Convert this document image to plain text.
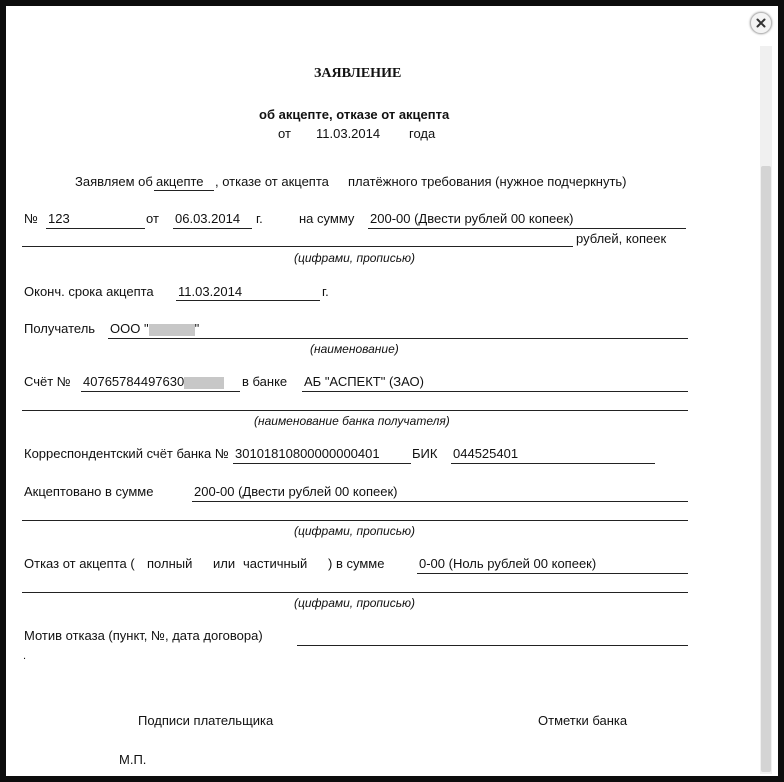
ЗАЯВЛЕНИЕ
об акцепте, отказе от акцепта
от 11.03.2014 года
Заявляем об акцепте , отказе от акцепта платёжного требования (нужное подчеркнуть)
№ 123	от 06.03.2014	г.	на сумму 200-00 (Двести рублей 00 копеек)
рублей, копеек
(цифрами, прописью)
Оконч. срока акцепта 11.03.2014	г.
Получатель ООО "	"
(наименование)
Счёт № 40765784497630	в банке АБ "АСПЕКТ" (ЗАО)
(наименование банка получателя)
Корреспондентский счёт банка № 30101810800000000401	БИК 044525401
Акцептовано в сумме	200-00 (Двести рублей 00 копеек)
(цифрами, прописью)
Отказ от акцепта ( полный или частичный ) в сумме	0-00 (Ноль рублей 00 копеек)
(цифрами, прописью)
Мотив отказа (пункт, №, дата договора)
.
Подписи плательщика	Отметки банка
М.П.
